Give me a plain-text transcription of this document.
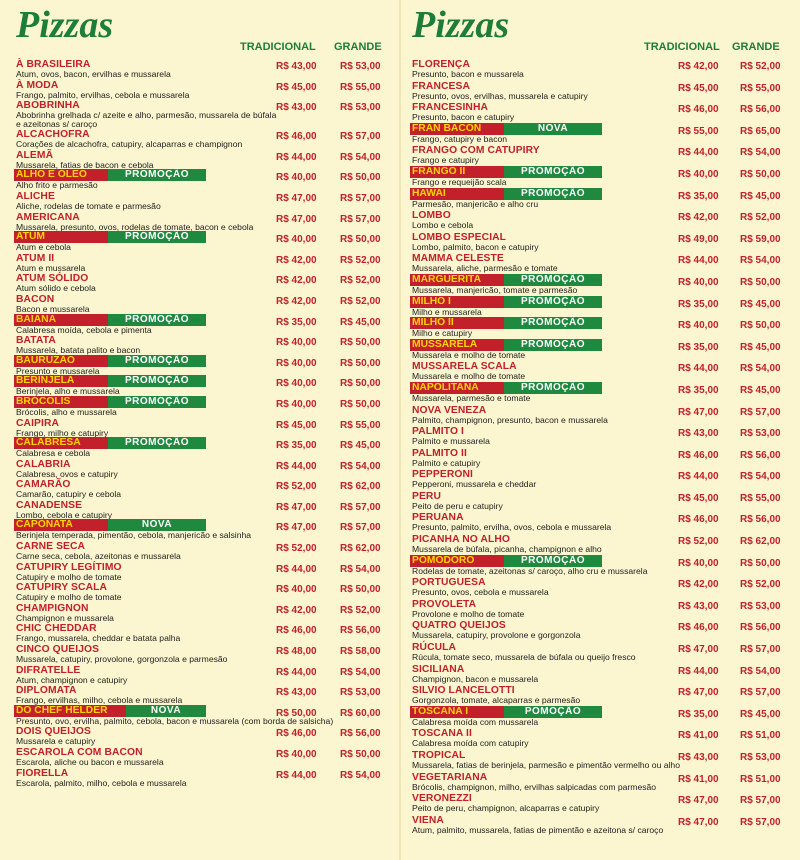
Pizzas
TRADICIONAL GRANDE
À BRASILEIRA
Atum, ovos, bacon, ervilhas e mussarela
R$ 43,00 R$ 53,00
À MODA
Frango, palmito, ervilhas, cebola e mussarela
R$ 45,00 R$ 55,00
ABOBRINHA
Abobrinha grelhada c/ azeite e alho, parmesão, mussarela de búfala
e azeitonas s/ caroço
R$ 43,00 R$ 53,00
ALCACHOFRA
Corações de alcachofra, catupiry, alcaparras e champignon
R$ 46,00 R$ 57,00
ALEMÃ
Mussarela, fatias de bacon e cebola
R$ 44,00 R$ 54,00
ALHO E ÓLEO	PROMOÇÃO
Alho frito e parmesão
R$ 40,00 R$ 50,00
ALICHE
Aliche, rodelas de tomate e parmesão
R$ 47,00 R$ 57,00
AMERICANA
Mussarela, presunto, ovos, rodelas de tomate, bacon e cebola
R$ 47,00 R$ 57,00
ATUM	PROMOÇÃO
Atum e cebola
R$ 40,00 R$ 50,00
ATUM II
Atum e mussarela
R$ 42,00 R$ 52,00
ATUM SÓLIDO
Atum sólido e cebola
R$ 42,00 R$ 52,00
BACON
Bacon e mussarela
R$ 42,00 R$ 52,00
BAIANA	PROMOÇÃO
Calabresa moída, cebola e pimenta
R$ 35,00 R$ 45,00
BATATA
Mussarela, batata palito e bacon
R$ 40,00 R$ 50,00
BAURUZÃO	PROMOÇÃO
Presunto e mussarela
R$ 40,00 R$ 50,00
BERINJELA	PROMOÇÃO
Berinjela, alho e mussarela
R$ 40,00 R$ 50,00
BRÓCOLIS	PROMOÇÃO
Brócolis, alho e mussarela
R$ 40,00 R$ 50,00
CAIPIRA
Frango, milho e catupiry
R$ 45,00 R$ 55,00
CALABRESA	PROMOÇÃO
Calabresa e cebola
R$ 35,00 R$ 45,00
CALABRIA
Calabresa, ovos e catupiry
R$ 44,00 R$ 54,00
CAMARÃO
Camarão, catupiry e cebola
R$ 52,00 R$ 62,00
CANADENSE
Lombo, cebola e catupiry
R$ 47,00 R$ 57,00
CAPONATA	NOVA
Berinjela temperada, pimentão, cebola, manjericão e salsinha
R$ 47,00 R$ 57,00
CARNE SECA
Carne seca, cebola, azeitonas e mussarela
R$ 52,00 R$ 62,00
CATUPIRY LEGÍTIMO
Catupiry e molho de tomate
R$ 44,00 R$ 54,00
CATUPIRY SCALA
Catupiry e molho de tomate
R$ 40,00 R$ 50,00
CHAMPIGNON
Champignon e mussarela
R$ 42,00 R$ 52,00
CHIC CHEDDAR
Frango, mussarela, cheddar e batata palha
R$ 46,00 R$ 56,00
CINCO QUEIJOS
Mussarela, catupiry, provolone, gorgonzola e parmesão
R$ 48,00 R$ 58,00
DIFRATELLE
Atum, champignon e catupiry
R$ 44,00 R$ 54,00
DIPLOMATA
Frango, ervilhas, milho, cebola e mussarela
R$ 43,00 R$ 53,00
DO CHEF HELDER	NOVA
Presunto, ovo, ervilha, palmito, cebola, bacon e mussarela (com borda de salsicha)
R$ 50,00 R$ 60,00
DOIS QUEIJOS
Mussarela e catupiry
R$ 46,00 R$ 56,00
ESCAROLA COM BACON
Escarola, aliche ou bacon e mussarela
R$ 40,00 R$ 50,00
FIORELLA
Escarola, palmito, milho, cebola e mussarela
R$ 44,00 R$ 54,00
Pizzas
TRADICIONAL GRANDE
FLORENÇA
Presunto, bacon e mussarela
R$ 42,00 R$ 52,00
FRANCESA
Presunto, ovos, ervilhas, mussarela e catupiry
R$ 45,00 R$ 55,00
FRANCESINHA
Presunto, bacon e catupiry
R$ 46,00 R$ 56,00
FRAN BACON	NOVA
Frango, catupiry e bacon
R$ 55,00 R$ 65,00
FRANGO COM CATUPIRY
Frango e catupiry
R$ 44,00 R$ 54,00
FRANGO II	PROMOÇÃO
Frango e requeijão scala
R$ 40,00 R$ 50,00
HAWAI	PROMOÇÃO
Parmesão, manjericão e alho cru
R$ 35,00 R$ 45,00
LOMBO
Lombo e cebola
R$ 42,00 R$ 52,00
LOMBO ESPECIAL
Lombo, palmito, bacon e catupiry
R$ 49,00 R$ 59,00
MAMMA CELESTE
Mussarela, aliche, parmesão e tomate
R$ 44,00 R$ 54,00
MARGUERITA	PROMOÇÃO
Mussarela, manjericão, tomate e parmesão
R$ 40,00 R$ 50,00
MILHO I	PROMOÇÃO
Milho e mussarela
R$ 35,00 R$ 45,00
MILHO II	PROMOÇÃO
Milho e catupiry
R$ 40,00 R$ 50,00
MUSSARELA	PROMOÇÃO
Mussarela e molho de tomate
R$ 35,00 R$ 45,00
MUSSARELA SCALA
Mussarela e molho de tomate
R$ 44,00 R$ 54,00
NAPOLITANA	PROMOÇÃO
Mussarela, parmesão e tomate
R$ 35,00 R$ 45,00
NOVA VENEZA
Palmito, champignon, presunto, bacon e mussarela
R$ 47,00 R$ 57,00
PALMITO I
Palmito e mussarela
R$ 43,00 R$ 53,00
PALMITO II
Palmito e catupiry
R$ 46,00 R$ 56,00
PEPPERONI
Pepperoni, mussarela e cheddar
R$ 44,00 R$ 54,00
PERU
Peito de peru e catupiry
R$ 45,00 R$ 55,00
PERUANA
Presunto, palmito, ervilha, ovos, cebola e mussarela
R$ 46,00 R$ 56,00
PICANHA NO ALHO
Mussarela de búfala, picanha, champignon e alho
R$ 52,00 R$ 62,00
POMODORO	PROMOÇÃO
Rodelas de tomate, azeitonas s/ caroço, alho cru e mussarela
R$ 40,00 R$ 50,00
PORTUGUESA
Presunto, ovos, cebola e mussarela
R$ 42,00 R$ 52,00
PROVOLETA
Provolone e molho de tomate
R$ 43,00 R$ 53,00
QUATRO QUEIJOS
Mussarela, catupiry, provolone e gorgonzola
R$ 46,00 R$ 56,00
RÚCULA
Rúcula, tomate seco, mussarela de búfala ou queijo fresco
R$ 47,00 R$ 57,00
SICILIANA
Champignon, bacon e mussarela
R$ 44,00 R$ 54,00
SILVIO LANCELOTTI
Gorgonzola, tomate, alcaparras e parmesão
R$ 47,00 R$ 57,00
TOSCANA I	POMOÇÃO
Calabresa moída com mussarela
R$ 35,00 R$ 45,00
TOSCANA II
Calabresa moída com catupiry
R$ 41,00 R$ 51,00
TROPICAL
Mussarela, fatias de berinjela, parmesão e pimentão vermelho ou alho
R$ 43,00 R$ 53,00
VEGETARIANA
Brócolis, champignon, milho, ervilhas salpicadas com parmesão
R$ 41,00 R$ 51,00
VERONEZZI
Peito de peru, champignon, alcaparras e catupiry
R$ 47,00 R$ 57,00
VIENA
Atum, palmito, mussarela, fatias de pimentão e azeitona s/ caroço
R$ 47,00 R$ 57,00
